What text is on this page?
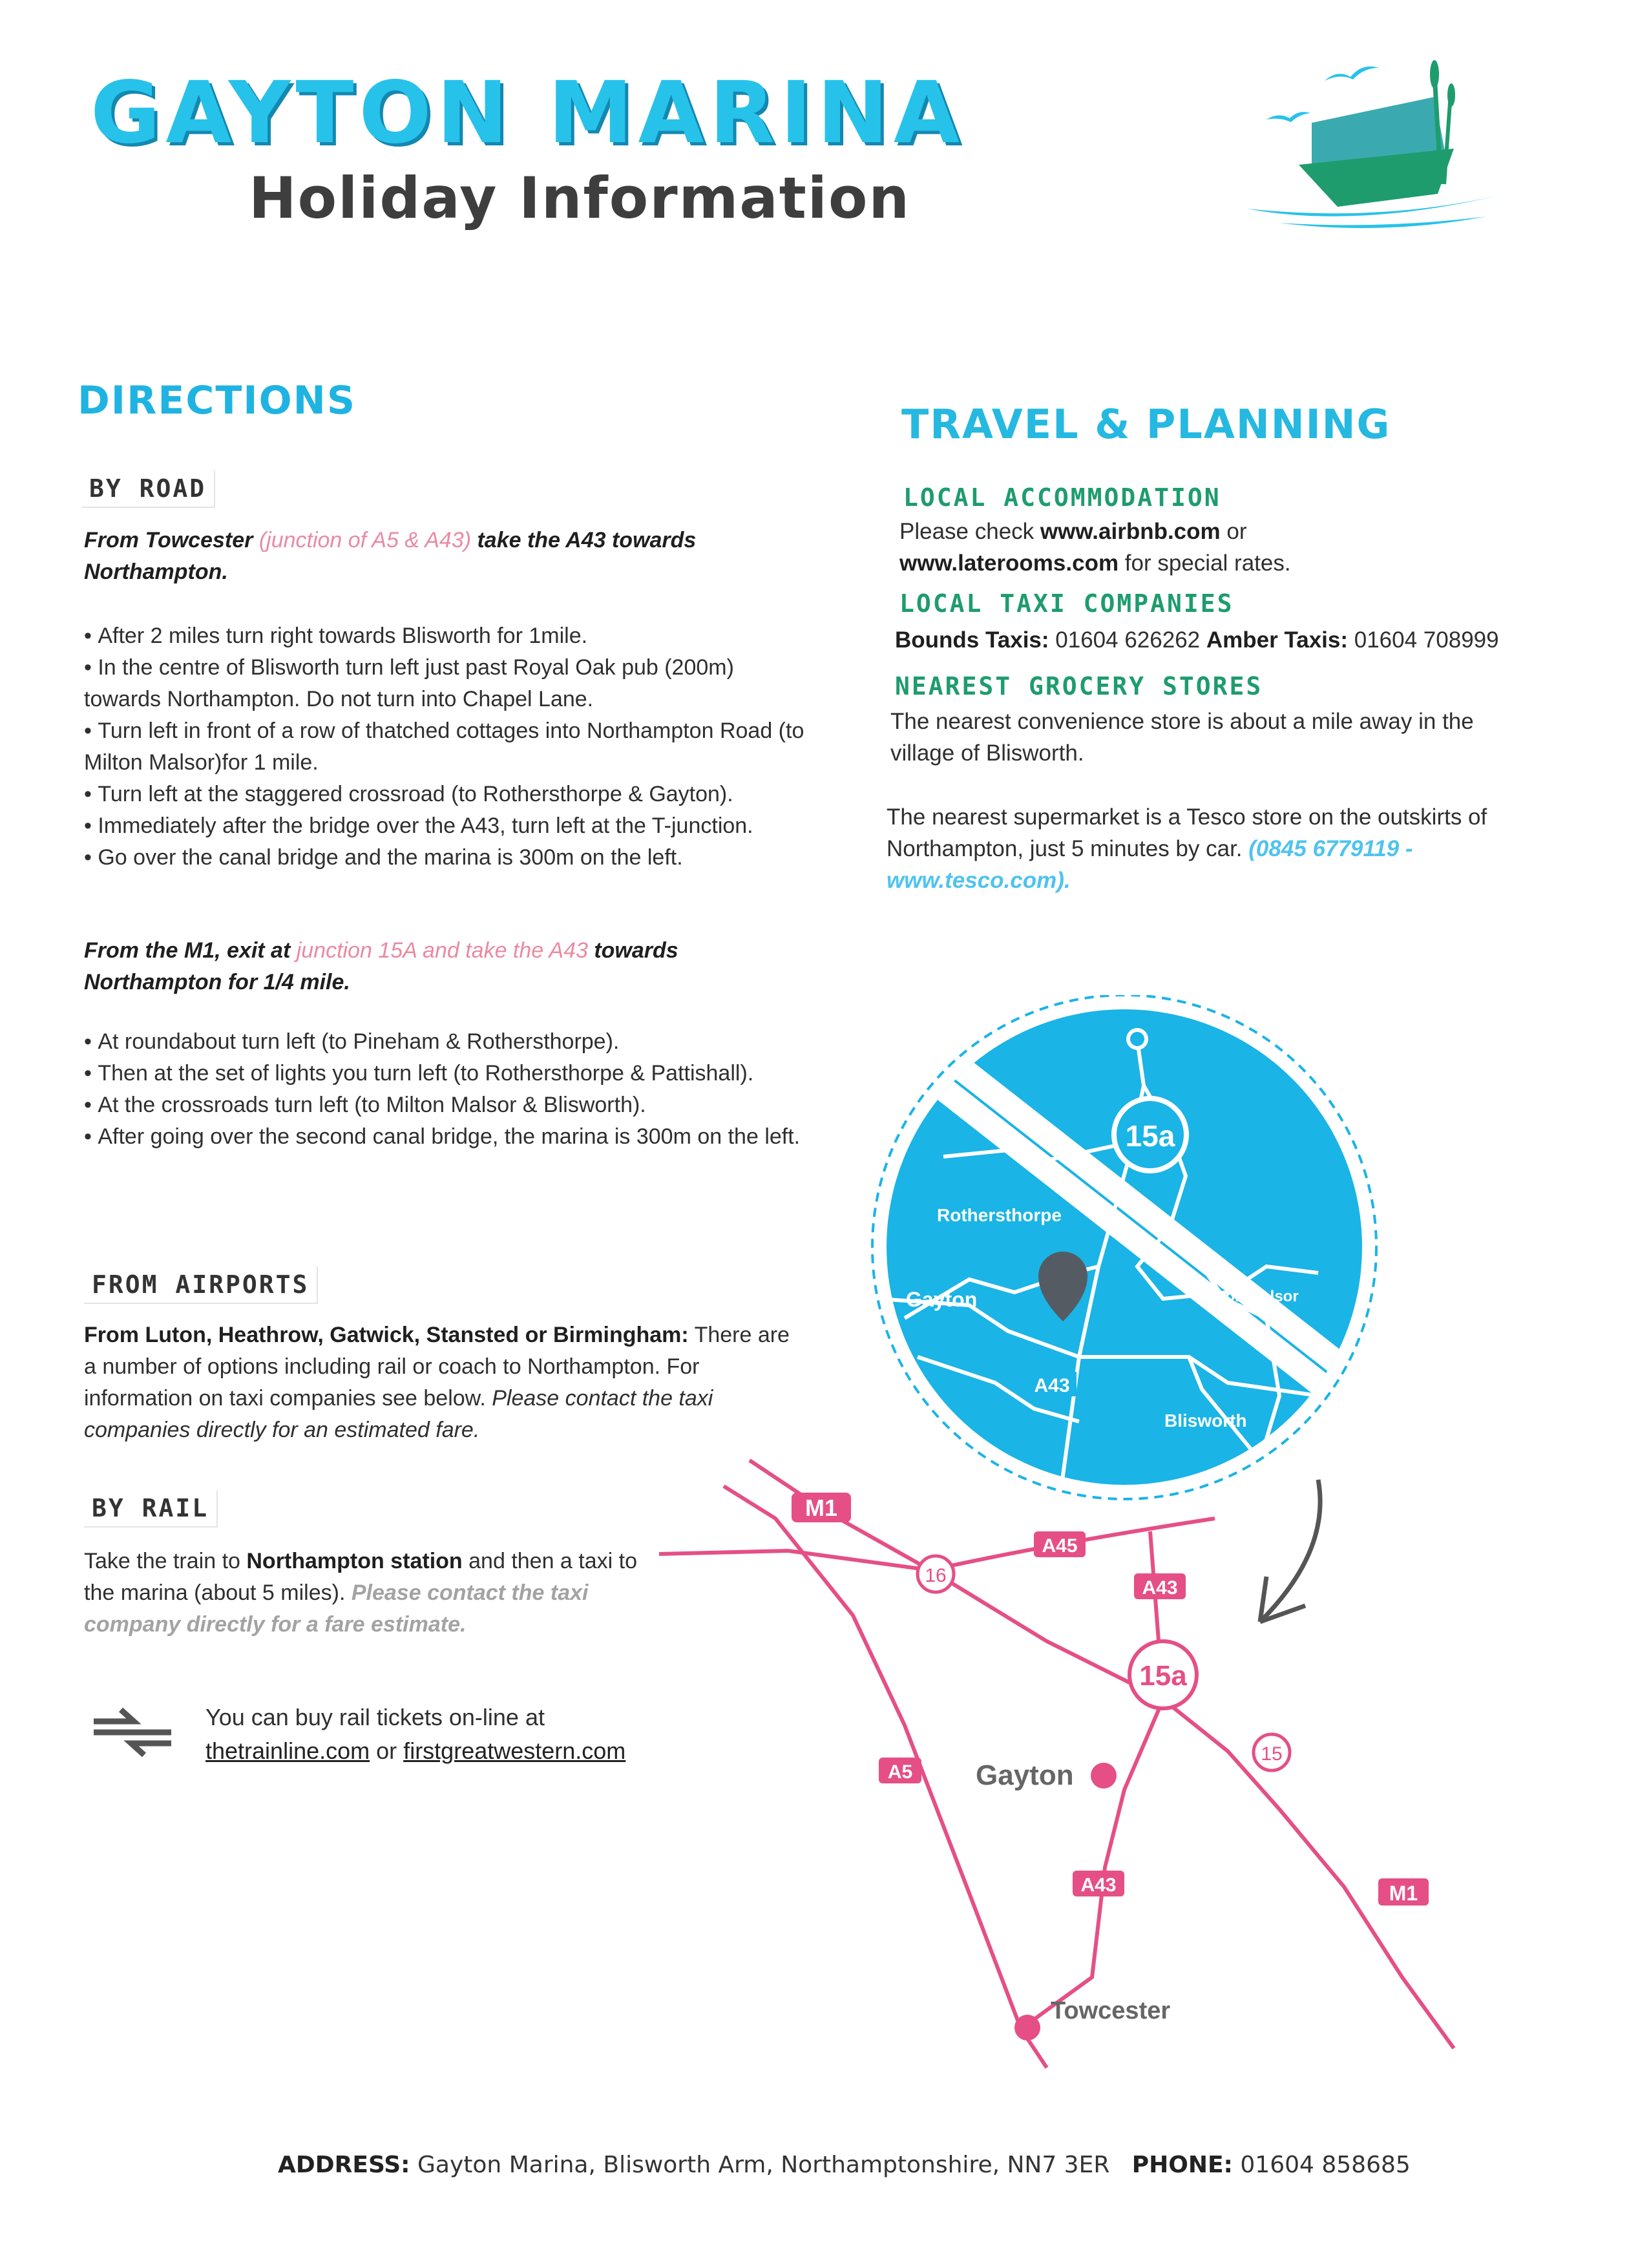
GAYTON MARINA
Holiday Information
DIRECTIONS
BY ROAD
From Towcester (junction of A5 & A43) take the A43 towards Northampton.
• After 2 miles turn right towards Blisworth for 1mile.
• In the centre of Blisworth turn left just past Royal Oak pub (200m) towards Northampton. Do not turn into Chapel Lane.
• Turn left in front of a row of thatched cottages into Northampton Road (to Milton Malsor)for 1 mile.
• Turn left at the staggered crossroad (to Rothersthorpe & Gayton).
• Immediately after the bridge over the A43, turn left at the T-junction.
• Go over the canal bridge and the marina is 300m on the left.
From the M1, exit at junction 15A and take the A43 towards Northampton for 1/4 mile.
• At roundabout turn left (to Pineham & Rothersthorpe).
• Then at the set of lights you turn left (to Rothersthorpe & Pattishall).
• At the crossroads turn left (to Milton Malsor & Blisworth).
• After going over the second canal bridge, the marina is 300m on the left.
FROM AIRPORTS
From Luton, Heathrow, Gatwick, Stansted or Birmingham: There are a number of options including rail or coach to Northampton. For information on taxi companies see below. Please contact the taxi companies directly for an estimated fare.
BY RAIL
Take the train to Northampton station and then a taxi to the marina (about 5 miles). Please contact the taxi company directly for a fare estimate.
You can buy rail tickets on-line at
thetrainline.com or firstgreatwestern.com
TRAVEL & PLANNING
LOCAL ACCOMMODATION
Please check www.airbnb.com or
www.laterooms.com for special rates.
LOCAL TAXI COMPANIES
Bounds Taxis: 01604 626262 Amber Taxis: 01604 708999
NEAREST GROCERY STORES
The nearest convenience store is about a mile away in the village of Blisworth.
The nearest supermarket is a Tesco store on the outskirts of Northampton, just 5 minutes by car. (0845 6779119 - www.tesco.com).
15a
A43
Rothersthorpe
Gayton	Milton Malsor
Blisworth
M1
A45
A43
A5
A43	M1
16
15a
15
Gayton
Towcester
ADDRESS: Gayton Marina, Blisworth Arm, Northamptonshire, NN7 3ER PHONE: 01604 858685
